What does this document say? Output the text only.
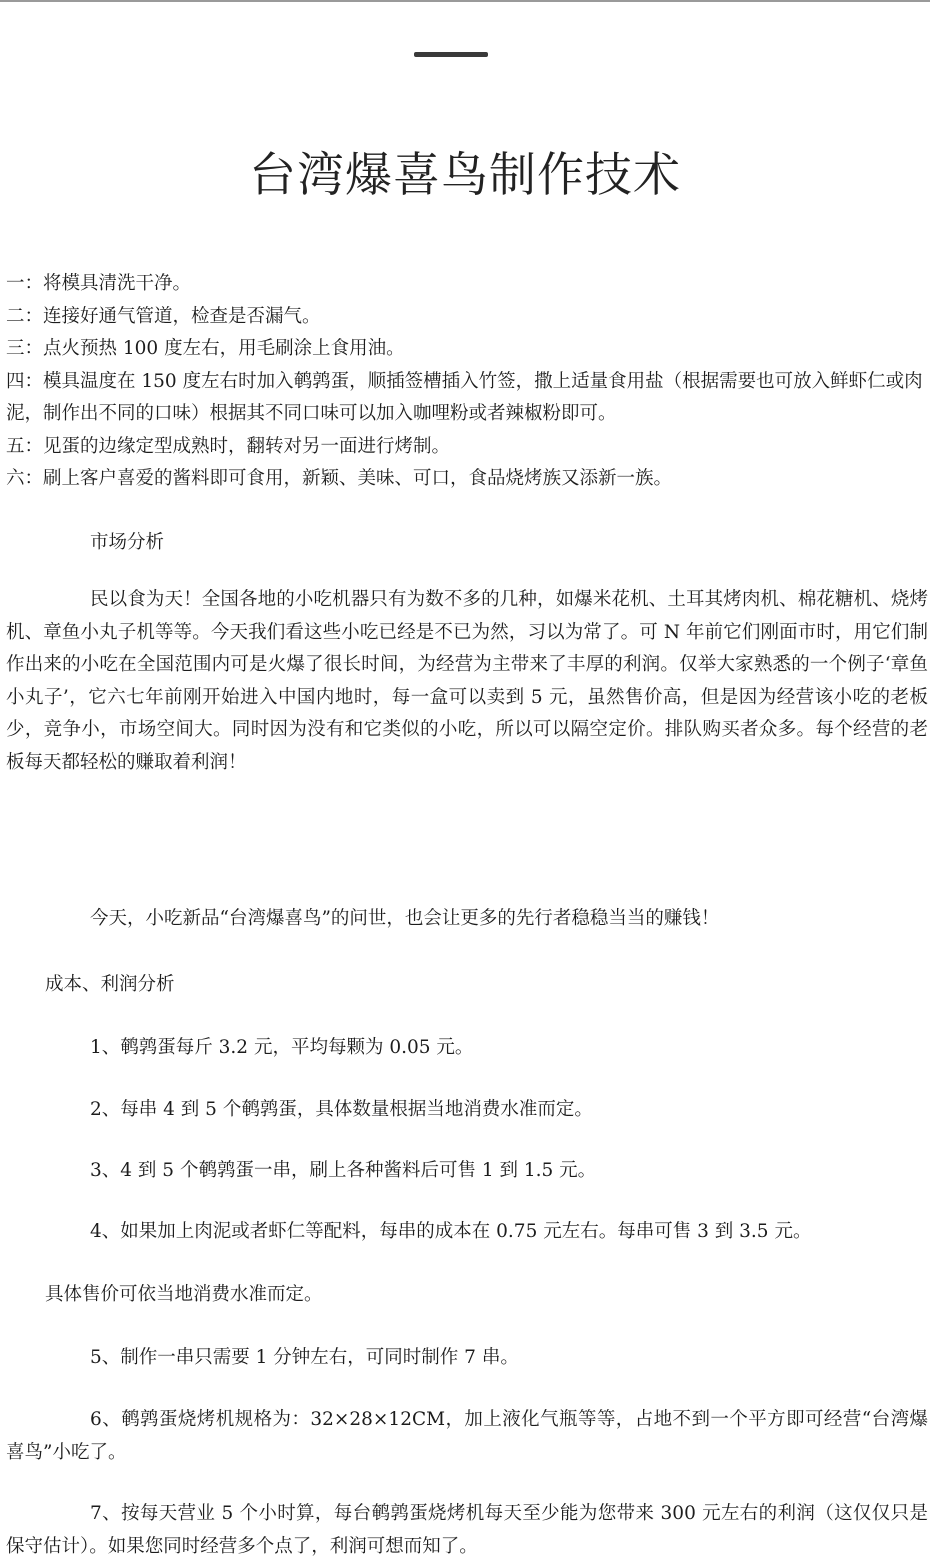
台湾爆喜鸟制作技术
一：将模具清洗干净。
二：连接好通气管道，检查是否漏气。
三：点火预热 100 度左右，用毛刷涂上食用油。
四：模具温度在 150 度左右时加入鹌鹑蛋，顺插签槽插入竹签，撒上适量食用盐（根据需要也可放入鲜虾仁或肉泥，制作出不同的口味）根据其不同口味可以加入咖哩粉或者辣椒粉即可。
五：见蛋的边缘定型成熟时，翻转对另一面进行烤制。
六：刷上客户喜爱的酱料即可食用，新颖、美味、可口，食品烧烤族又添新一族。

市场分析

民以食为天！全国各地的小吃机器只有为数不多的几种，如爆米花机、土耳其烤肉机、棉花糖机、烧烤机、章鱼小丸子机等等。今天我们看这些小吃已经是不已为然，习以为常了。可 N 年前它们刚面市时，用它们制作出来的小吃在全国范围内可是火爆了很长时间，为经营为主带来了丰厚的利润。仅举大家熟悉的一个例子‘章鱼小丸子’，它六七年前刚开始进入中国内地时，每一盒可以卖到 5 元，虽然售价高，但是因为经营该小吃的老板少，竞争小，市场空间大。同时因为没有和它类似的小吃，所以可以隔空定价。排队购买者众多。每个经营的老板每天都轻松的赚取着利润！

今天，小吃新品“台湾爆喜鸟”的问世，也会让更多的先行者稳稳当当的赚钱！

成本、利润分析

1、鹌鹑蛋每斤 3.2 元，平均每颗为 0.05 元。

2、每串 4 到 5 个鹌鹑蛋，具体数量根据当地消费水准而定。

3、4 到 5 个鹌鹑蛋一串，刷上各种酱料后可售 1 到 1.5 元。

4、如果加上肉泥或者虾仁等配料，每串的成本在 0.75 元左右。每串可售 3 到 3.5 元。

具体售价可依当地消费水准而定。

5、制作一串只需要 1 分钟左右，可同时制作 7 串。

6、鹌鹑蛋烧烤机规格为：32×28×12CM，加上液化气瓶等等，占地不到一个平方即可经营“台湾爆喜鸟”小吃了。

7、按每天营业 5 个小时算，每台鹌鹑蛋烧烤机每天至少能为您带来 300 元左右的利润（这仅仅只是保守估计）。如果您同时经营多个点了，利润可想而知了。
